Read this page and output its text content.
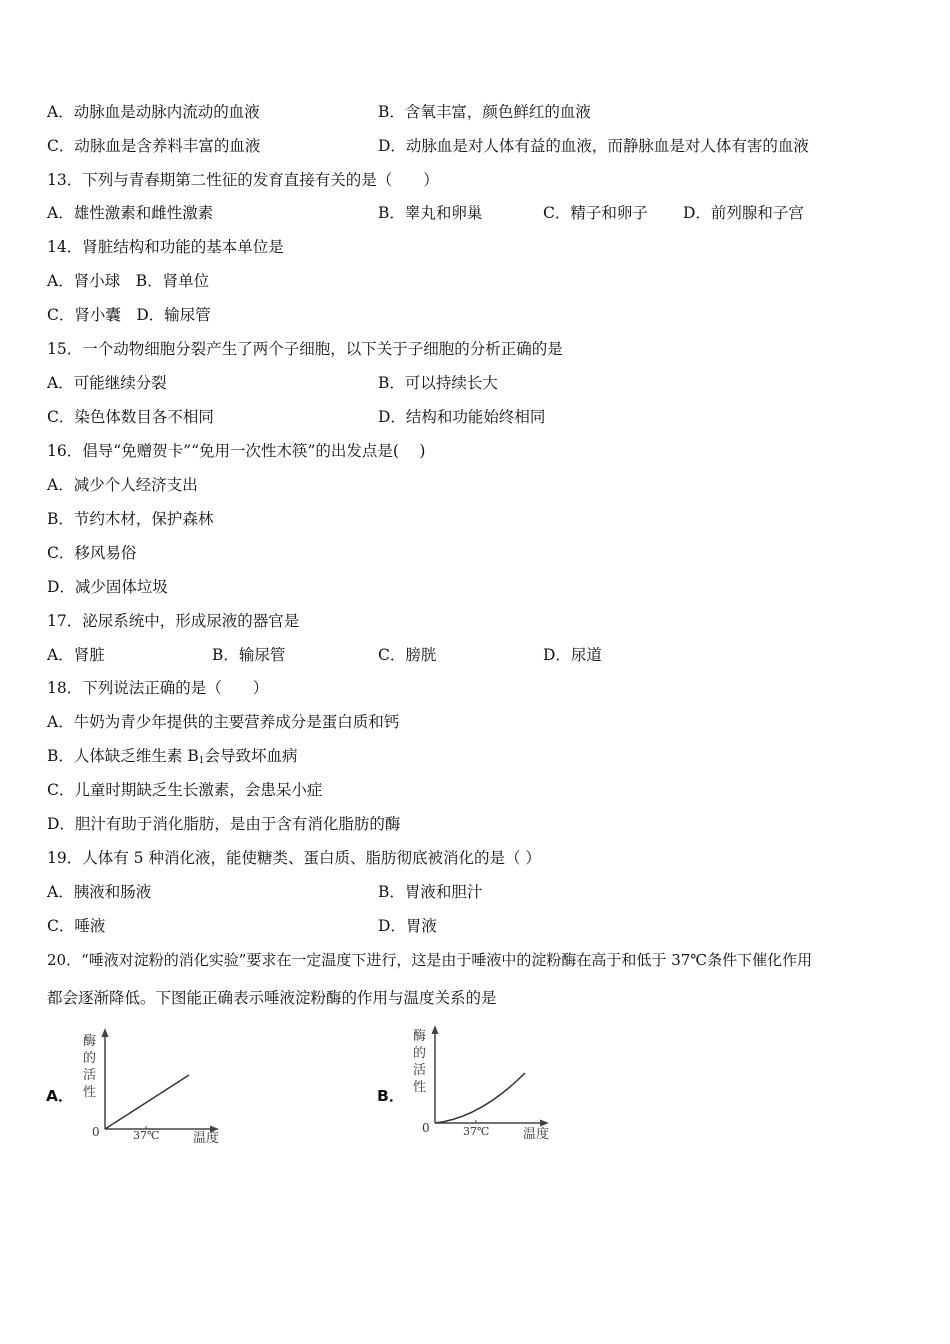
A．动脉血是动脉内流动的血液	B．含氧丰富，颜色鲜红的血液
C．动脉血是含养料丰富的血液	D．动脉血是对人体有益的血液，而静脉血是对人体有害的血液
13．下列与青春期第二性征的发育直接有关的是（　　）
A．雄性激素和雌性激素	B．睾丸和卵巢	C．精子和卵子 D．前列腺和子宫
14．肾脏结构和功能的基本单位是
A．肾小球　B．肾单位
C．肾小囊　D．输尿管
15．一个动物细胞分裂产生了两个子细胞，以下关于子细胞的分析正确的是
A．可能继续分裂	B．可以持续长大
C．染色体数目各不相同	D．结构和功能始终相同
16．倡导“免赠贺卡”“免用一次性木筷”的出发点是(　 )
A．减少个人经济支出
B．节约木材，保护森林
C．移风易俗
D．减少固体垃圾
17．泌尿系统中，形成尿液的器官是
A．肾脏	B．输尿管	C．膀胱	D．尿道
18．下列说法正确的是（　　）
A．牛奶为青少年提供的主要营养成分是蛋白质和钙
B．人体缺乏维生素 $B_1$会导致坏血病
C．儿童时期缺乏生长激素，会患呆小症
D．胆汁有助于消化脂肪，是由于含有消化脂肪的酶
19．人体有 5 种消化液，能使糖类、蛋白质、脂肪彻底被消化的是（ ）
A．胰液和肠液	B．胃液和胆汁
C．唾液	D．胃液
20．“唾液对淀粉的消化实验”要求在一定温度下进行，这是由于唾液中的淀粉酶在高于和低于 37℃条件下催化作用
都会逐渐降低。下图能正确表示唾液淀粉酶的作用与温度关系的是
A．
酶
的
活
性
0	37℃	温度
B．
酶
的
活
性
0	37℃	温度
